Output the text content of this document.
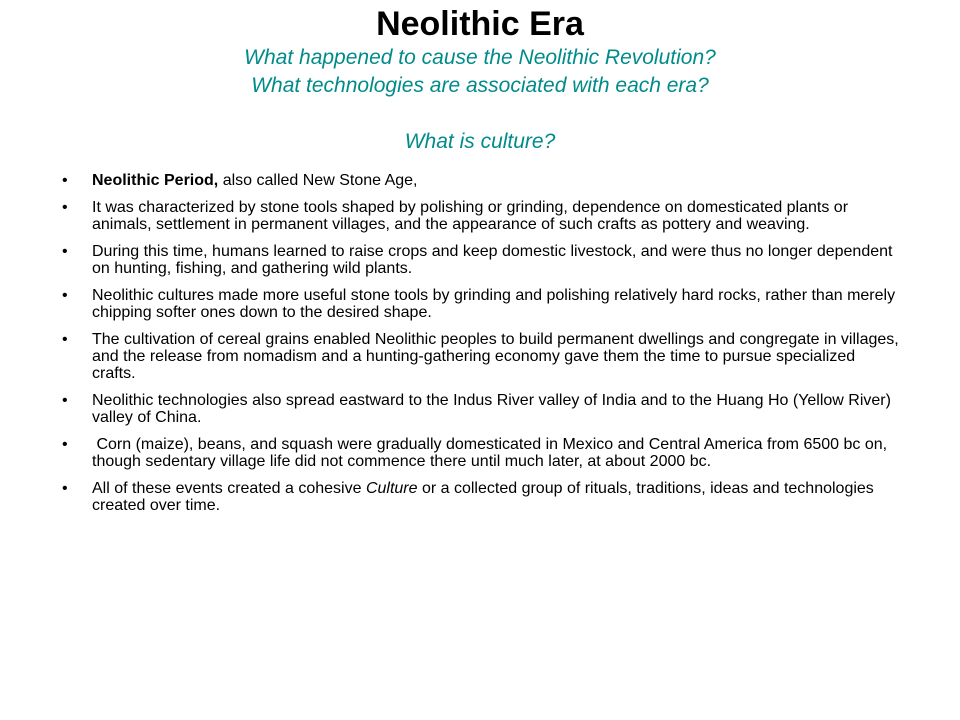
Neolithic Era

What happened to cause the Neolithic Revolution?

What technologies are associated with each era?

What is culture?

• Neolithic Period, also called New Stone Age,
• It was characterized by stone tools shaped by polishing or grinding, dependence on domesticated plants or animals, settlement in permanent villages, and the appearance of such crafts as pottery and weaving.
• During this time, humans learned to raise crops and keep domestic livestock, and were thus no longer dependent on hunting, fishing, and gathering wild plants.
• Neolithic cultures made more useful stone tools by grinding and polishing relatively hard rocks, rather than merely chipping softer ones down to the desired shape.
• The cultivation of cereal grains enabled Neolithic peoples to build permanent dwellings and congregate in villages, and the release from nomadism and a hunting-gathering economy gave them the time to pursue specialized crafts.
• Neolithic technologies also spread eastward to the Indus River valley of India and to the Huang Ho (Yellow River) valley of China.
• Corn (maize), beans, and squash were gradually domesticated in Mexico and Central America from 6500 bc on, though sedentary village life did not commence there until much later, at about 2000 bc.
• All of these events created a cohesive Culture or a collected group of rituals, traditions, ideas and technologies created over time.
